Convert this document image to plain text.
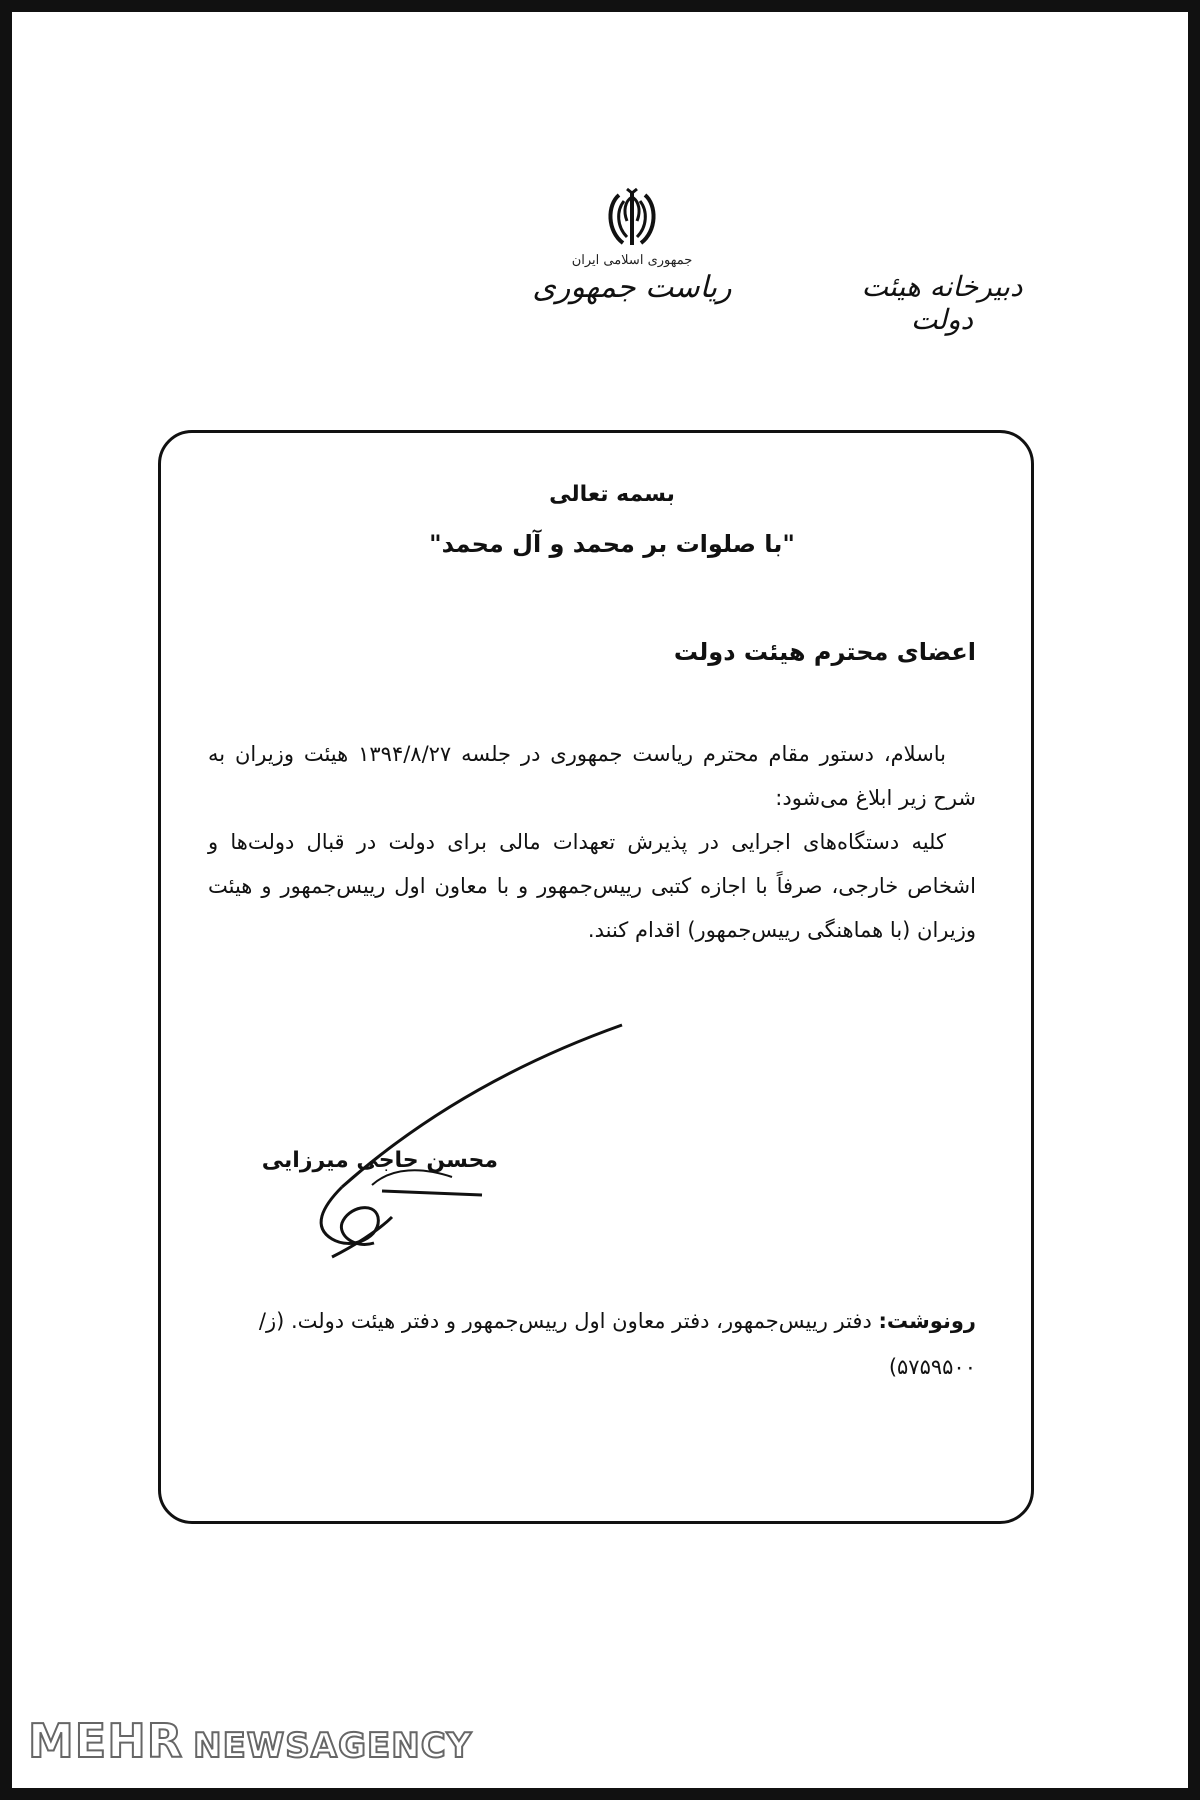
جمهوری اسلامی ایران
ریاست جمهوری	دبیرخانه هیئت دولت
بسمه تعالی
"با صلوات بر محمد و آل محمد"
اعضای محترم هیئت دولت

باسلام، دستور مقام محترم ریاست جمهوری در جلسه ۱۳۹۴/۸/۲۷ هیئت وزیران به شرح زیر ابلاغ می‌شود:

کلیه دستگاه‌های اجرایی در پذیرش تعهدات مالی برای دولت در قبال دولت‌ها و اشخاص خارجی، صرفاً با اجازه کتبی رییس‌جمهور و با معاون اول رییس‌جمهور و هیئت وزیران (با هماهنگی رییس‌جمهور) اقدام کنند.

محسن حاجی میرزایی
رونوشت: دفتر رییس‌جمهور، دفتر معاون اول رییس‌جمهور و دفتر هیئت دولت. (ز/۵۷۵۹۵۰۰)
MEHR NEWSAGENCY
